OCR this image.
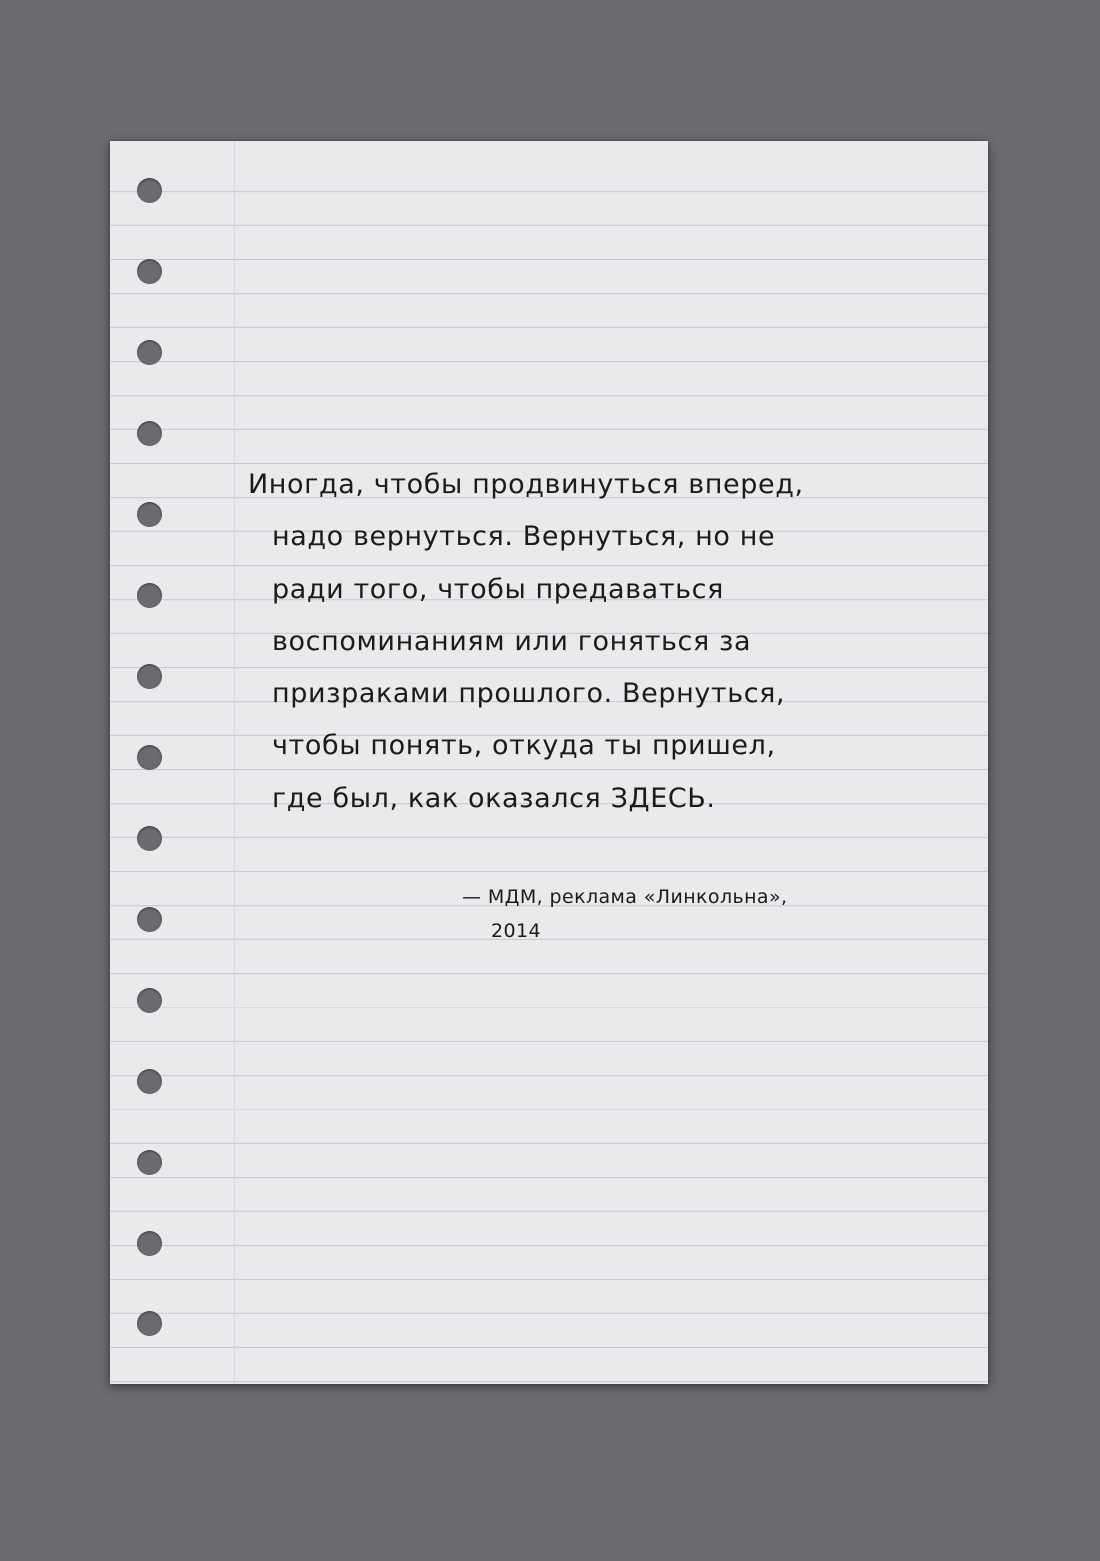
Иногда, чтобы продвинуться вперед,
надо вернуться. Вернуться, но не
ради того, чтобы предаваться
воспоминаниям или гоняться за
призраками прошлого. Вернуться,
чтобы понять, откуда ты пришел,
где был, как оказался ЗДЕСЬ.

— МДМ, реклама «Линкольна»,
2014
